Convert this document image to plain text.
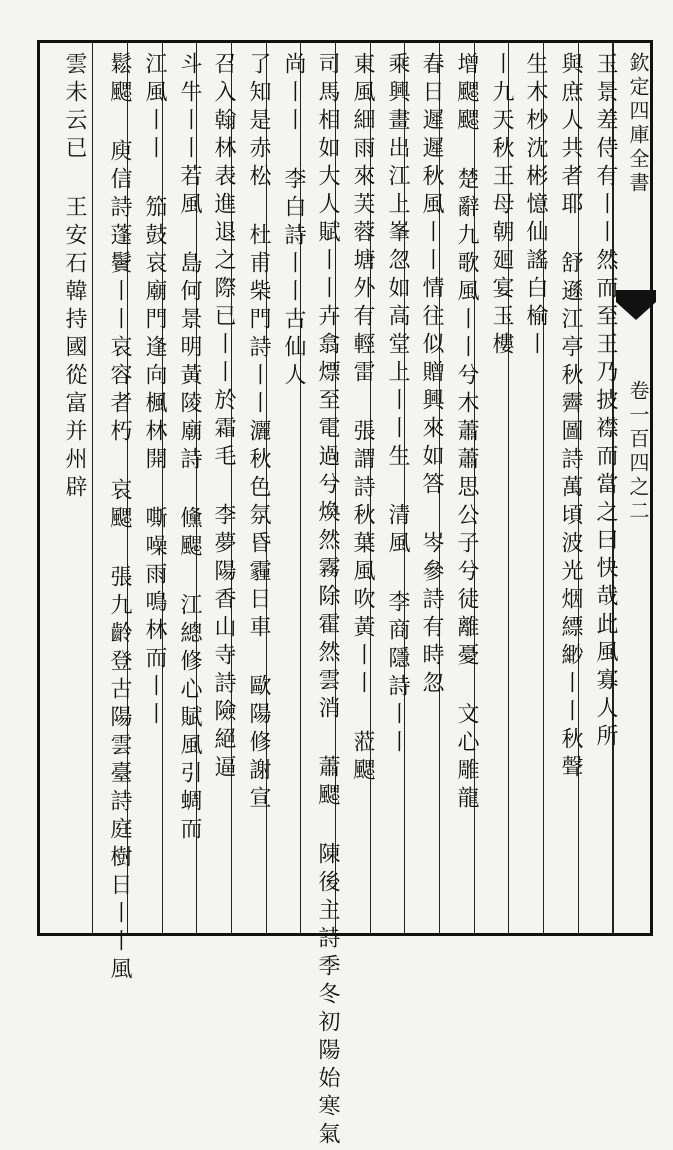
欽定四庫全書
卷一百四之二
玉景差侍有丨丨然而至王乃披襟而當之曰快哉此風寡人所
與庶人共者耶 舒遜江亭秋霽圖詩萬頃波光烟縹緲丨丨秋聲
生木杪沈彬憶仙謠白榆丨
丨九天秋王母朝廻宴玉樓
增颸颸 楚辭九歌風丨丨兮木蕭蕭思公子兮徒離憂 文心雕龍
春日遲遲秋風丨丨情往似贈興來如答 岑參詩有時忽
乘興畫出江上峯忽如高堂上丨丨生 清風 李商隱詩丨丨
東風細雨來芙蓉塘外有輕雷 張謂詩秋葉風吹黃丨丨 蒞颸
司馬相如大人賦丨丨卉翕熛至電過兮煥然霧除霍然雲消 蕭颸 陳後主詩季冬初陽始寒氣
尚丨丨 李白詩丨丨古仙人
了知是赤松 杜甫柴門詩丨丨灑秋色氛昏霾日車 歐陽修謝宣
召入翰林表進退之際已丨丨於霜毛 李夢陽香山寺詩險絕逼
斗牛丨丨若風 島何景明黃陵廟詩 儵颸 江總修心賦風引蜩而
江風丨丨 笳鼓哀廟門逢向楓林開 嘶噪雨鳴林而丨丨
鬆颸 庾信詩蓬鬢丨丨哀容者朽 哀颸 張九齡登古陽雲臺詩庭樹日丨丨風
雲未云已 王安石韓持國從富并州辟
